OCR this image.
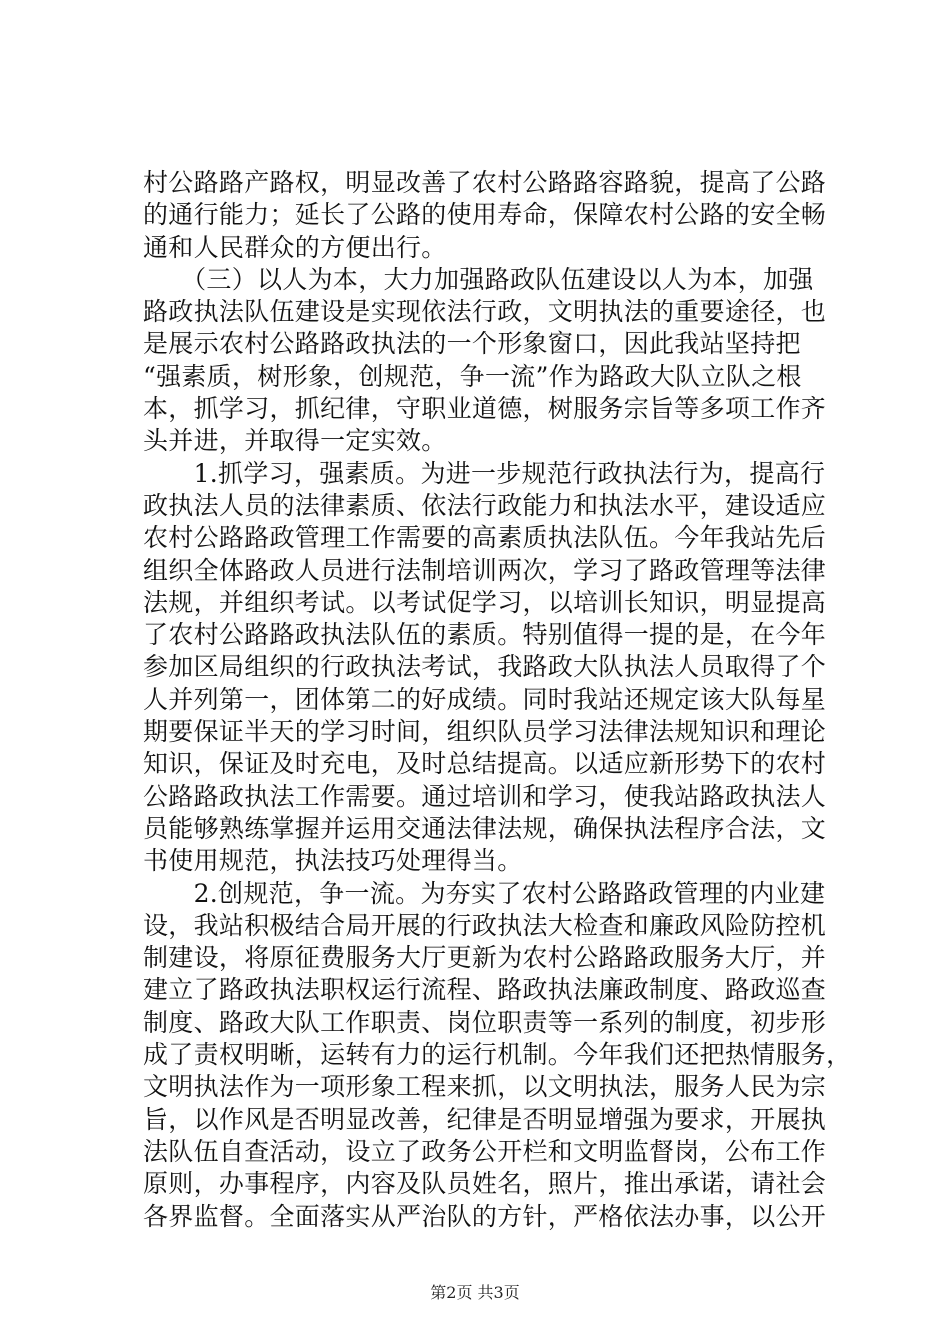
村公路路产路权，明显改善了农村公路路容路貌，提高了公路
的通行能力；延长了公路的使用寿命，保障农村公路的安全畅
通和人民群众的方便出行。
　　（三）以人为本，大力加强路政队伍建设以人为本，加强
路政执法队伍建设是实现依法行政，文明执法的重要途径，也
是展示农村公路路政执法的一个形象窗口，因此我站坚持把
“强素质，树形象，创规范，争一流”作为路政大队立队之根
本，抓学习，抓纪律，守职业道德，树服务宗旨等多项工作齐
头并进，并取得一定实效。
　　1.抓学习，强素质。为进一步规范行政执法行为，提高行
政执法人员的法律素质、依法行政能力和执法水平，建设适应
农村公路路政管理工作需要的高素质执法队伍。今年我站先后
组织全体路政人员进行法制培训两次，学习了路政管理等法律
法规，并组织考试。以考试促学习，以培训长知识，明显提高
了农村公路路政执法队伍的素质。特别值得一提的是，在今年
参加区局组织的行政执法考试，我路政大队执法人员取得了个
人并列第一，团体第二的好成绩。同时我站还规定该大队每星
期要保证半天的学习时间，组织队员学习法律法规知识和理论
知识，保证及时充电，及时总结提高。以适应新形势下的农村
公路路政执法工作需要。通过培训和学习，使我站路政执法人
员能够熟练掌握并运用交通法律法规，确保执法程序合法，文
书使用规范，执法技巧处理得当。
　　2.创规范，争一流。为夯实了农村公路路政管理的内业建
设，我站积极结合局开展的行政执法大检查和廉政风险防控机
制建设，将原征费服务大厅更新为农村公路路政服务大厅，并
建立了路政执法职权运行流程、路政执法廉政制度、路政巡查
制度、路政大队工作职责、岗位职责等一系列的制度，初步形
成了责权明晰，运转有力的运行机制。今年我们还把热情服务，
文明执法作为一项形象工程来抓，以文明执法，服务人民为宗
旨，以作风是否明显改善，纪律是否明显增强为要求，开展执
法队伍自查活动，设立了政务公开栏和文明监督岗，公布工作
原则，办事程序，内容及队员姓名，照片，推出承诺，请社会
各界监督。全面落实从严治队的方针，严格依法办事，以公开
第2页 共3页
